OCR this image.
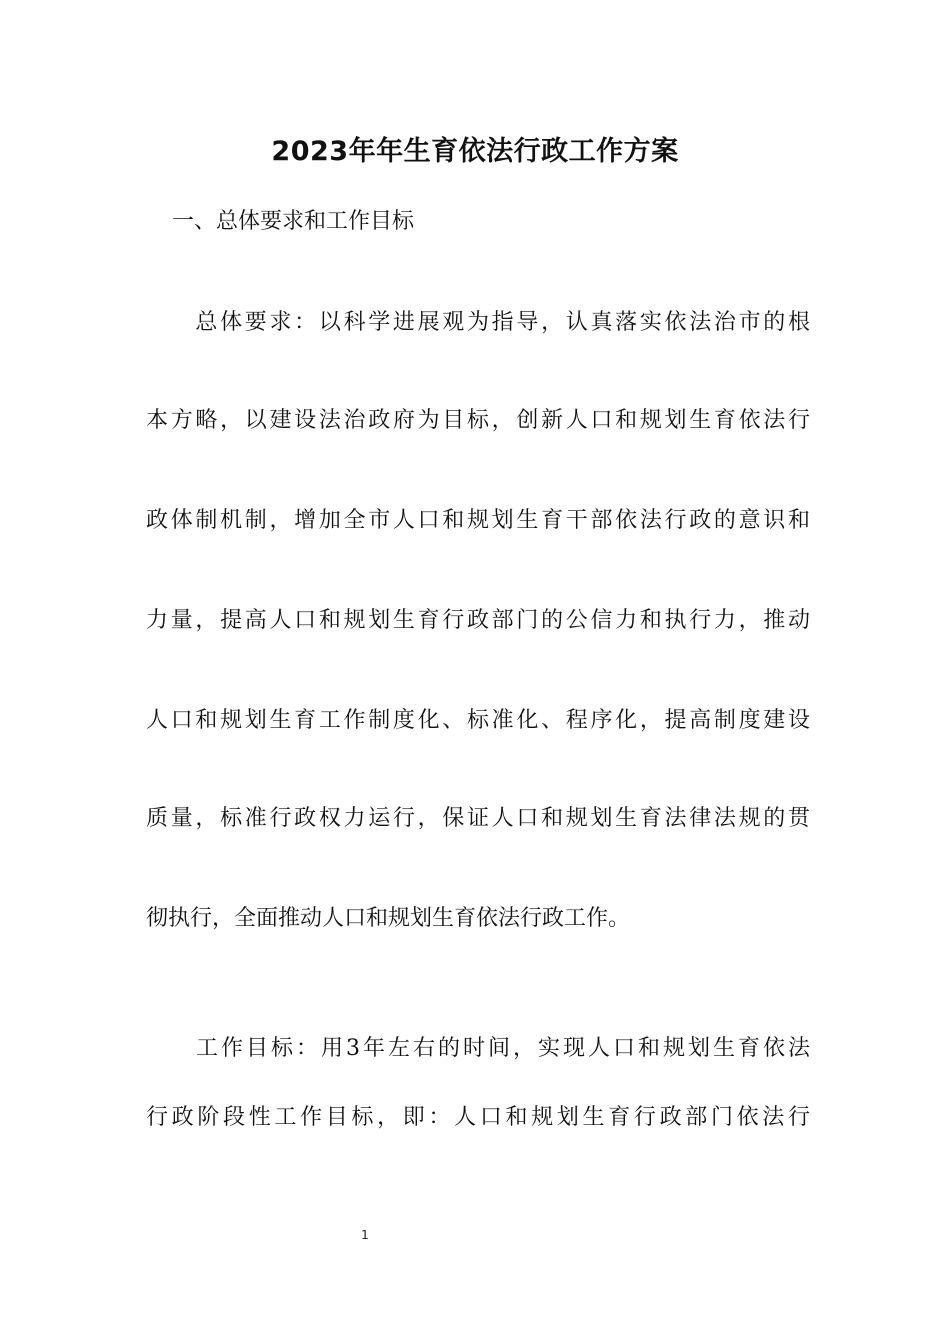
2023年年生育依法行政工作方案
一、总体要求和工作目标
　　总体要求：以科学进展观为指导，认真落实依法治市的根
本方略，以建设法治政府为目标，创新人口和规划生育依法行
政体制机制，增加全市人口和规划生育干部依法行政的意识和
力量，提高人口和规划生育行政部门的公信力和执行力，推动
人口和规划生育工作制度化、标准化、程序化，提高制度建设
质量，标准行政权力运行，保证人口和规划生育法律法规的贯
彻执行，全面推动人口和规划生育依法行政工作。
　　工作目标：用3年左右的时间，实现人口和规划生育依法
行政阶段性工作目标，即：人口和规划生育行政部门依法行
1
